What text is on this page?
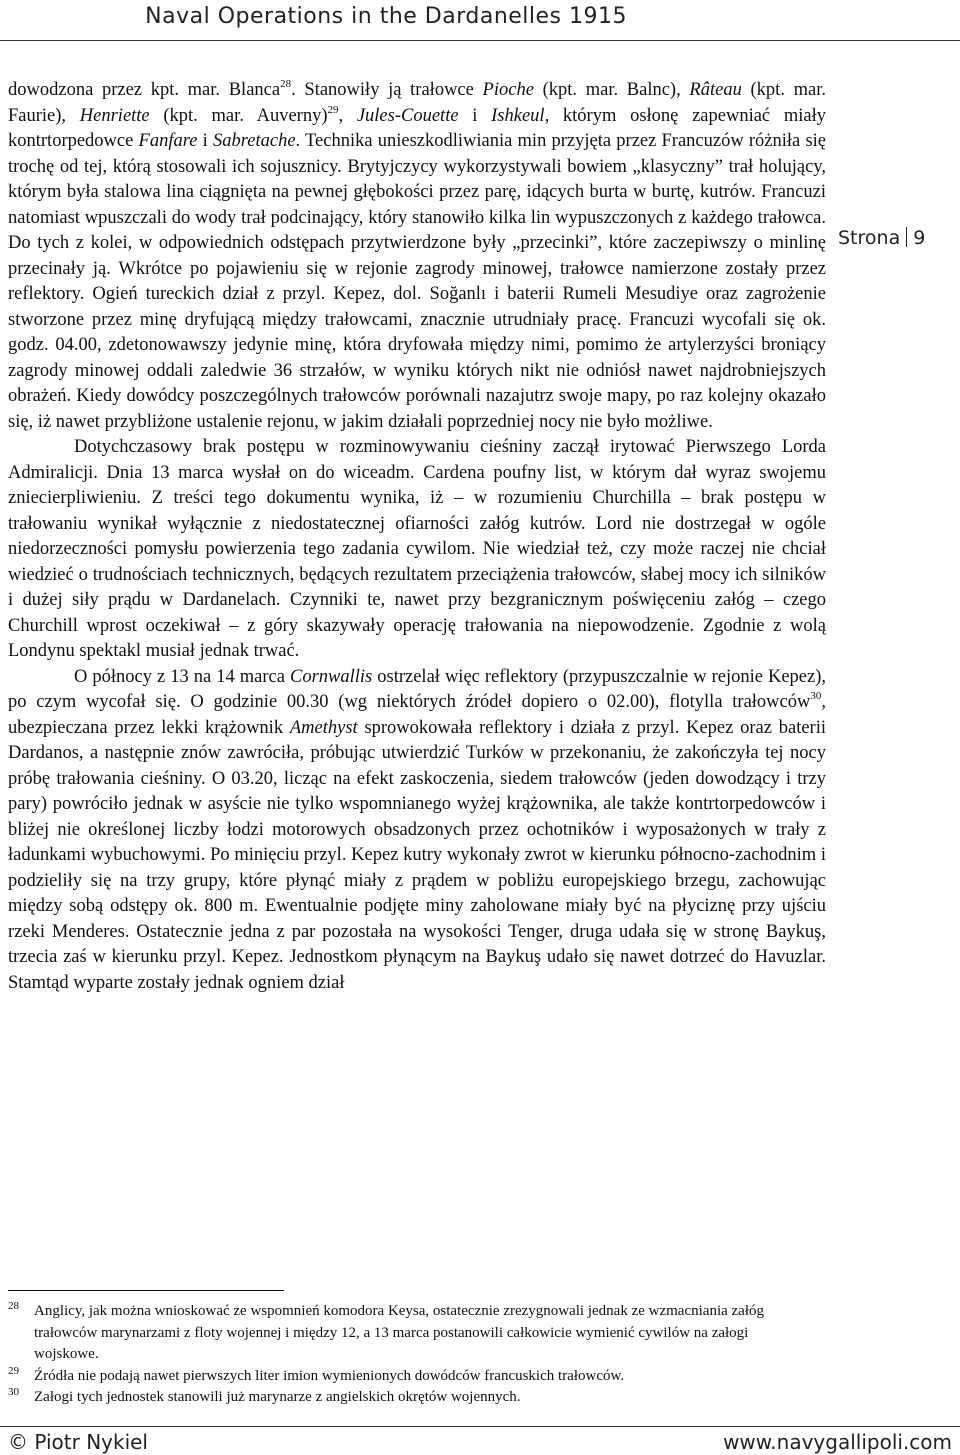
Naval Operations in the Dardanelles 1915
Strona 9

dowodzona przez kpt. mar. Blanca$^{28}$. Stanowiły ją trałowce Pioche (kpt. mar. Balnc), Râteau (kpt. mar. Faurie), Henriette (kpt. mar. Auverny)$^{29}$, Jules-Couette i Ishkeul, którym osłonę zapewniać miały kontrtorpedowce Fanfare i Sabretache. Technika unieszkodliwiania min przyjęta przez Francuzów różniła się trochę od tej, którą stosowali ich sojusznicy. Brytyjczycy wykorzystywali bowiem „klasyczny” trał holujący, którym była stalowa lina ciągnięta na pewnej głębokości przez parę, idących burta w burtę, kutrów. Francuzi natomiast wpuszczali do wody trał podcinający, który stanowiło kilka lin wypuszczonych z każdego trałowca. Do tych z kolei, w odpowiednich odstępach przytwierdzone były „przecinki”, które zaczepiwszy o minlinę przecinały ją. Wkrótce po pojawieniu się w rejonie zagrody minowej, trałowce namierzone zostały przez reflektory. Ogień tureckich dział z przyl. Kepez, dol. Soğanlı i baterii Rumeli Mesudiye oraz zagrożenie stworzone przez minę dryfującą między trałowcami, znacznie utrudniały pracę. Francuzi wycofali się ok. godz. 04.00, zdetonowawszy jedynie minę, która dryfowała między nimi, pomimo że artylerzyści broniący zagrody minowej oddali zaledwie 36 strzałów, w wyniku których nikt nie odniósł nawet najdrobniejszych obrażeń. Kiedy dowódcy poszczególnych trałowców porównali nazajutrz swoje mapy, po raz kolejny okazało się, iż nawet przybliżone ustalenie rejonu, w jakim działali poprzedniej nocy nie było możliwe.

Dotychczasowy brak postępu w rozminowywaniu cieśniny zaczął irytować Pierwszego Lorda Admiralicji. Dnia 13 marca wysłał on do wiceadm. Cardena poufny list, w którym dał wyraz swojemu zniecierpliwieniu. Z treści tego dokumentu wynika, iż – w rozumieniu Churchilla – brak postępu w trałowaniu wynikał wyłącznie z niedostatecznej ofiarności załóg kutrów. Lord nie dostrzegał w ogóle niedorzeczności pomysłu powierzenia tego zadania cywilom. Nie wiedział też, czy może raczej nie chciał wiedzieć o trudnościach technicznych, będących rezultatem przeciążenia trałowców, słabej mocy ich silników i dużej siły prądu w Dardanelach. Czynniki te, nawet przy bezgranicznym poświęceniu załóg – czego Churchill wprost oczekiwał – z góry skazywały operację trałowania na niepowodzenie. Zgodnie z wolą Londynu spektakl musiał jednak trwać.

O północy z 13 na 14 marca Cornwallis ostrzelał więc reflektory (przypuszczalnie w rejonie Kepez), po czym wycofał się. O godzinie 00.30 (wg niektórych źródeł dopiero o 02.00), flotylla trałowców$^{30}$, ubezpieczana przez lekki krążownik Amethyst sprowokowała reflektory i działa z przyl. Kepez oraz baterii Dardanos, a następnie znów zawróciła, próbując utwierdzić Turków w przekonaniu, że zakończyła tej nocy próbę trałowania cieśniny. O 03.20, licząc na efekt zaskoczenia, siedem trałowców (jeden dowodzący i trzy pary) powróciło jednak w asyście nie tylko wspomnianego wyżej krążownika, ale także kontrtorpedowców i bliżej nie określonej liczby łodzi motorowych obsadzonych przez ochotników i wyposażonych w trały z ładunkami wybuchowymi. Po minięciu przyl. Kepez kutry wykonały zwrot w kierunku północno-zachodnim i podzieliły się na trzy grupy, które płynąć miały z prądem w pobliżu europejskiego brzegu, zachowując między sobą odstępy ok. 800 m. Ewentualnie podjęte miny zaholowane miały być na płyciznę przy ujściu rzeki Menderes. Ostatecznie jedna z par pozostała na wysokości Tenger, druga udała się w stronę Baykuş, trzecia zaś w kierunku przyl. Kepez. Jednostkom płynącym na Baykuş udało się nawet dotrzeć do Havuzlar. Stamtąd wyparte zostały jednak ogniem dział

28 Anglicy, jak można wnioskować ze wspomnień komodora Keysa, ostatecznie zrezygnowali jednak ze wzmacniania załóg trałowców marynarzami z floty wojennej i między 12, a 13 marca postanowili całkowicie wymienić cywilów na załogi wojskowe.

29 Źródła nie podają nawet pierwszych liter imion wymienionych dowódców francuskich trałowców.

30 Załogi tych jednostek stanowili już marynarze z angielskich okrętów wojennych.

© Piotr Nykiel	www.navygallipoli.com
